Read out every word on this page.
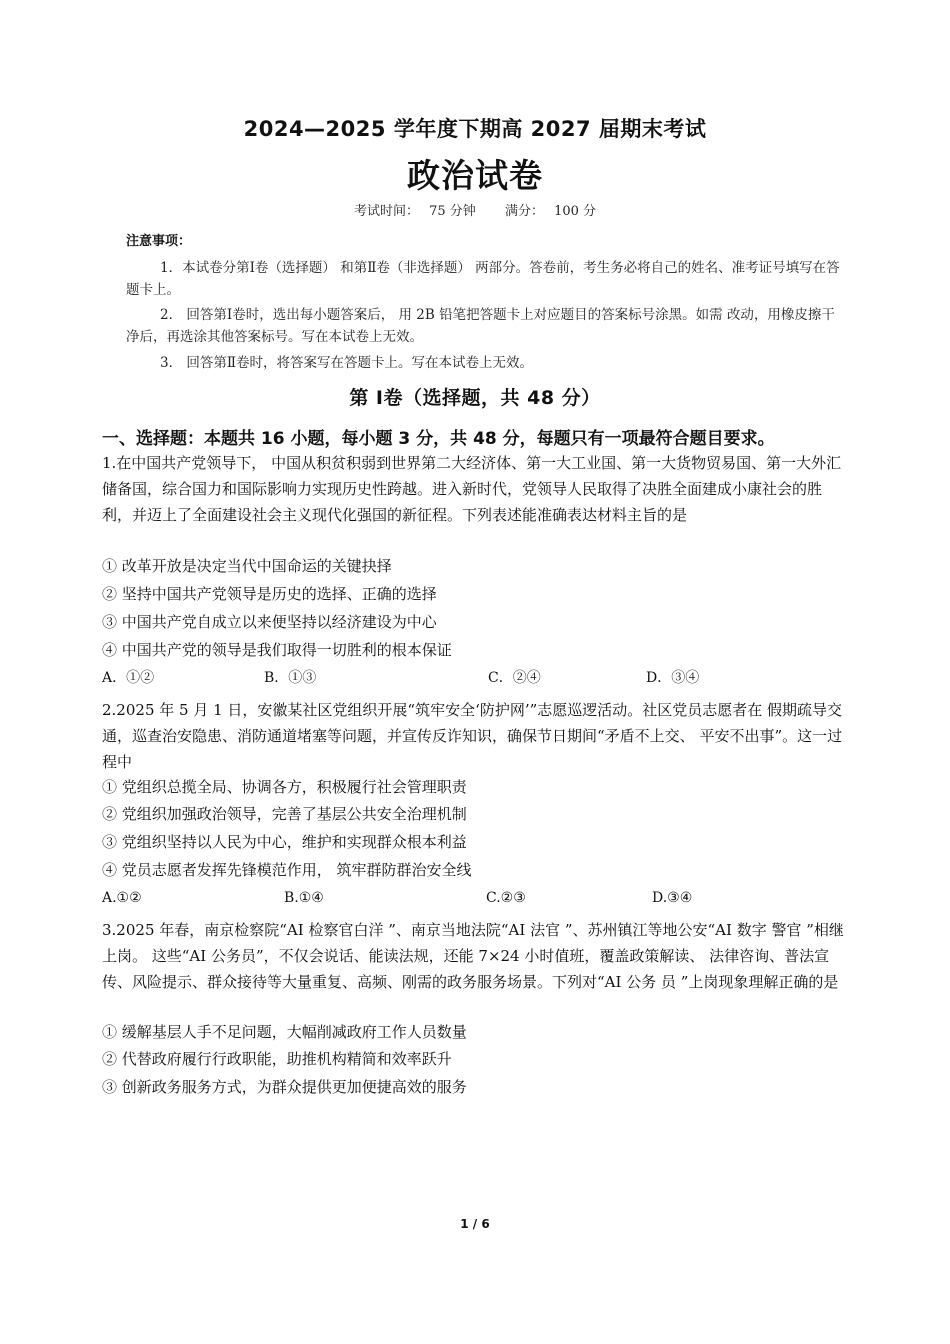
2024—2025 学年度下期高 2027 届期末考试
政治试卷
考试时间： 75 分钟 满分： 100 分
注意事项：
1．本试卷分第Ⅰ卷（选择题） 和第Ⅱ卷（非选择题） 两部分。答卷前，考生务必将自己的姓名、准考证号填写在答题卡上。
2． 回答第Ⅰ卷时，选出每小题答案后， 用 2B 铅笔把答题卡上对应题目的答案标号涂黑。如需 改动，用橡皮擦干净后，再选涂其他答案标号。写在本试卷上无效。
3． 回答第Ⅱ卷时，将答案写在答题卡上。写在本试卷上无效。
第 Ⅰ卷（选择题，共 48 分）
一、选择题：本题共 16 小题，每小题 3 分，共 48 分，每题只有一项最符合题目要求。
1.在中国共产党领导下， 中国从积贫积弱到世界第二大经济体、第一大工业国、第一大货物贸易国、第一大外汇储备国，综合国力和国际影响力实现历史性跨越。进入新时代，党领导人民取得了决胜全面建成小康社会的胜利，并迈上了全面建设社会主义现代化强国的新征程。下列表述能准确表达材料主旨的是
① 改革开放是决定当代中国命运的关键抉择
② 坚持中国共产党领导是历史的选择、正确的选择
③ 中国共产党自成立以来便坚持以经济建设为中心
④ 中国共产党的领导是我们取得一切胜利的根本保证
A．①②	B．①③	C．②④	D．③④
2.2025 年 5 月 1 日，安徽某社区党组织开展“筑牢安全‘防护网’”志愿巡逻活动。社区党员志愿者在 假期疏导交通，巡查治安隐患、消防通道堵塞等问题，并宣传反诈知识，确保节日期间“矛盾不上交、 平安不出事”。这一过程中
① 党组织总揽全局、协调各方，积极履行社会管理职责
② 党组织加强政治领导，完善了基层公共安全治理机制
③ 党组织坚持以人民为中心，维护和实现群众根本利益
④ 党员志愿者发挥先锋模范作用， 筑牢群防群治安全线
A.①②	B.①④	C.②③	D.③④
3.2025 年春，南京检察院“AI 检察官白洋 ”、南京当地法院“AI 法官 ”、苏州镇江等地公安“AI 数字 警官 ”相继上岗。 这些“AI 公务员”，不仅会说话、能读法规，还能 7×24 小时值班，覆盖政策解读、 法律咨询、普法宣传、风险提示、群众接待等大量重复、高频、刚需的政务服务场景。下列对“AI 公务 员 ”上岗现象理解正确的是
① 缓解基层人手不足问题，大幅削减政府工作人员数量
② 代替政府履行行政职能，助推机构精简和效率跃升
③ 创新政务服务方式，为群众提供更加便捷高效的服务
1 / 6
